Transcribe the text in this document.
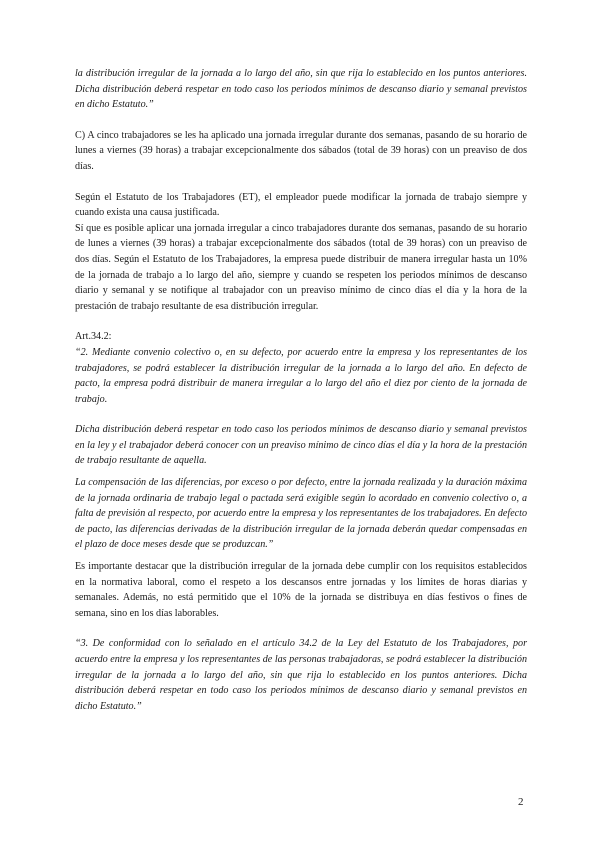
la distribución irregular de la jornada a lo largo del año, sin que rija lo establecido en los puntos anteriores. Dicha distribución deberá respetar en todo caso los periodos mínimos de descanso diario y semanal previstos en dicho Estatuto.”

C) A cinco trabajadores se les ha aplicado una jornada irregular durante dos semanas, pasando de su horario de lunes a viernes (39 horas) a trabajar excepcionalmente dos sábados (total de 39 horas) con un preaviso de dos días.

Según el Estatuto de los Trabajadores (ET), el empleador puede modificar la jornada de trabajo siempre y cuando exista una causa justificada.

Sí que es posible aplicar una jornada irregular a cinco trabajadores durante dos semanas, pasando de su horario de lunes a viernes (39 horas) a trabajar excepcionalmente dos sábados (total de 39 horas) con un preaviso de dos días. Según el Estatuto de los Trabajadores, la empresa puede distribuir de manera irregular hasta un 10% de la jornada de trabajo a lo largo del año, siempre y cuando se respeten los periodos mínimos de descanso diario y semanal y se notifique al trabajador con un preaviso mínimo de cinco días el día y la hora de la prestación de trabajo resultante de esa distribución irregular.

Art.34.2:

“2. Mediante convenio colectivo o, en su defecto, por acuerdo entre la empresa y los representantes de los trabajadores, se podrá establecer la distribución irregular de la jornada a lo largo del año. En defecto de pacto, la empresa podrá distribuir de manera irregular a lo largo del año el diez por ciento de la jornada de trabajo.

Dicha distribución deberá respetar en todo caso los periodos mínimos de descanso diario y semanal previstos en la ley y el trabajador deberá conocer con un preaviso mínimo de cinco días el día y la hora de la prestación de trabajo resultante de aquella.

La compensación de las diferencias, por exceso o por defecto, entre la jornada realizada y la duración máxima de la jornada ordinaria de trabajo legal o pactada será exigible según lo acordado en convenio colectivo o, a falta de previsión al respecto, por acuerdo entre la empresa y los representantes de los trabajadores. En defecto de pacto, las diferencias derivadas de la distribución irregular de la jornada deberán quedar compensadas en el plazo de doce meses desde que se produzcan.”

Es importante destacar que la distribución irregular de la jornada debe cumplir con los requisitos establecidos en la normativa laboral, como el respeto a los descansos entre jornadas y los límites de horas diarias y semanales. Además, no está permitido que el 10% de la jornada se distribuya en días festivos o fines de semana, sino en los días laborables.

“3. De conformidad con lo señalado en el artículo 34.2 de la Ley del Estatuto de los Trabajadores, por acuerdo entre la empresa y los representantes de las personas trabajadoras, se podrá establecer la distribución irregular de la jornada a lo largo del año, sin que rija lo establecido en los puntos anteriores. Dicha distribución deberá respetar en todo caso los periodos mínimos de descanso diario y semanal previstos en dicho Estatuto.”

2
